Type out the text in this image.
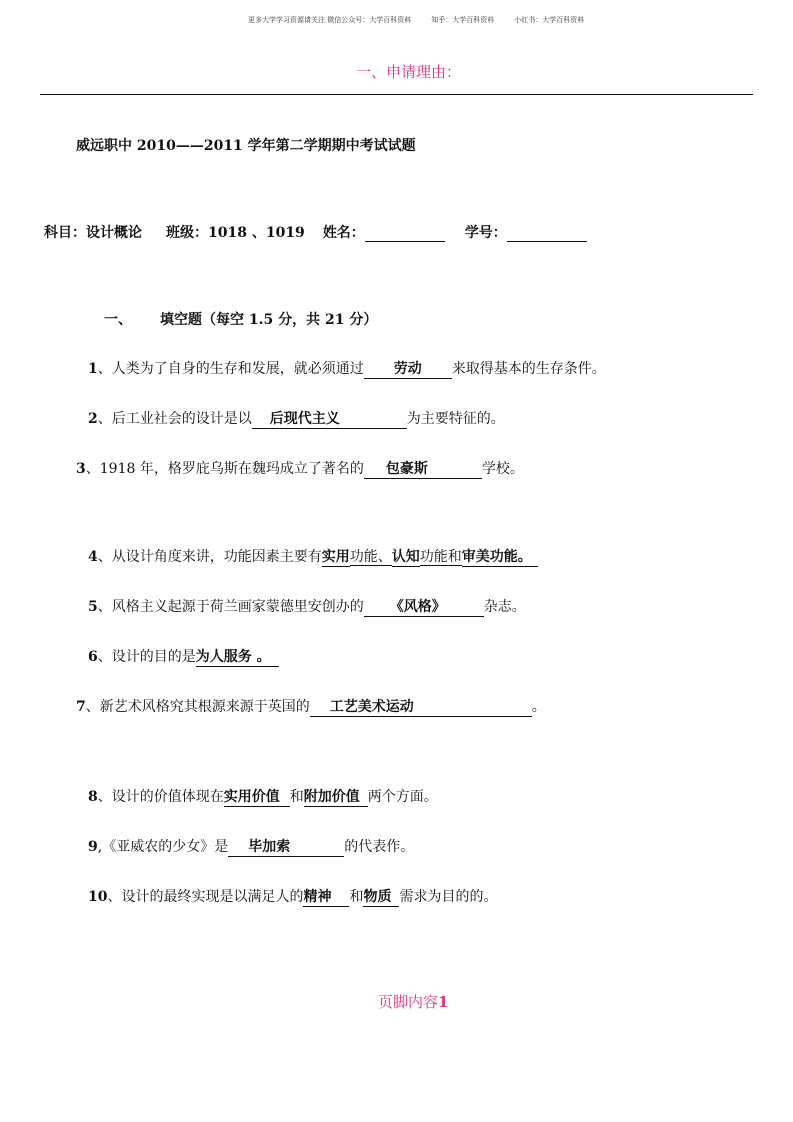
更多大学学习资源请关注 微信公众号：大学百科资料	知乎：大学百科资料	小红书：大学百科资料
一、申请理由：
威远职中 2010——2011 学年第二学期期中考试试题
科目：设计概论 班级：1018 、1019 姓名：	学号：
一、 填空题（每空 1.5 分，共 21 分）
1、人类为了自身的生存和发展，就必须通过 劳动 来取得基本的生存条件。
2、后工业社会的设计是以 后现代主义	为主要特征的。
3、1918 年，格罗庇乌斯在魏玛成立了著名的 包豪斯	学校。
4、从设计角度来讲，功能因素主要有实用功能、认知功能和审美功能。
5、风格主义起源于荷兰画家蒙德里安创办的 《风格》	杂志。
6、设计的目的是为人服务 。
7、新艺术风格究其根源来源于英国的 工艺美术运动	。
8、设计的价值体现在实用价值 和附加价值 两个方面。
9,《亚威农的少女》是 毕加索	的代表作。
10、设计的最终实现是以满足人的精神 和物质 需求为目的的。
页脚内容1
